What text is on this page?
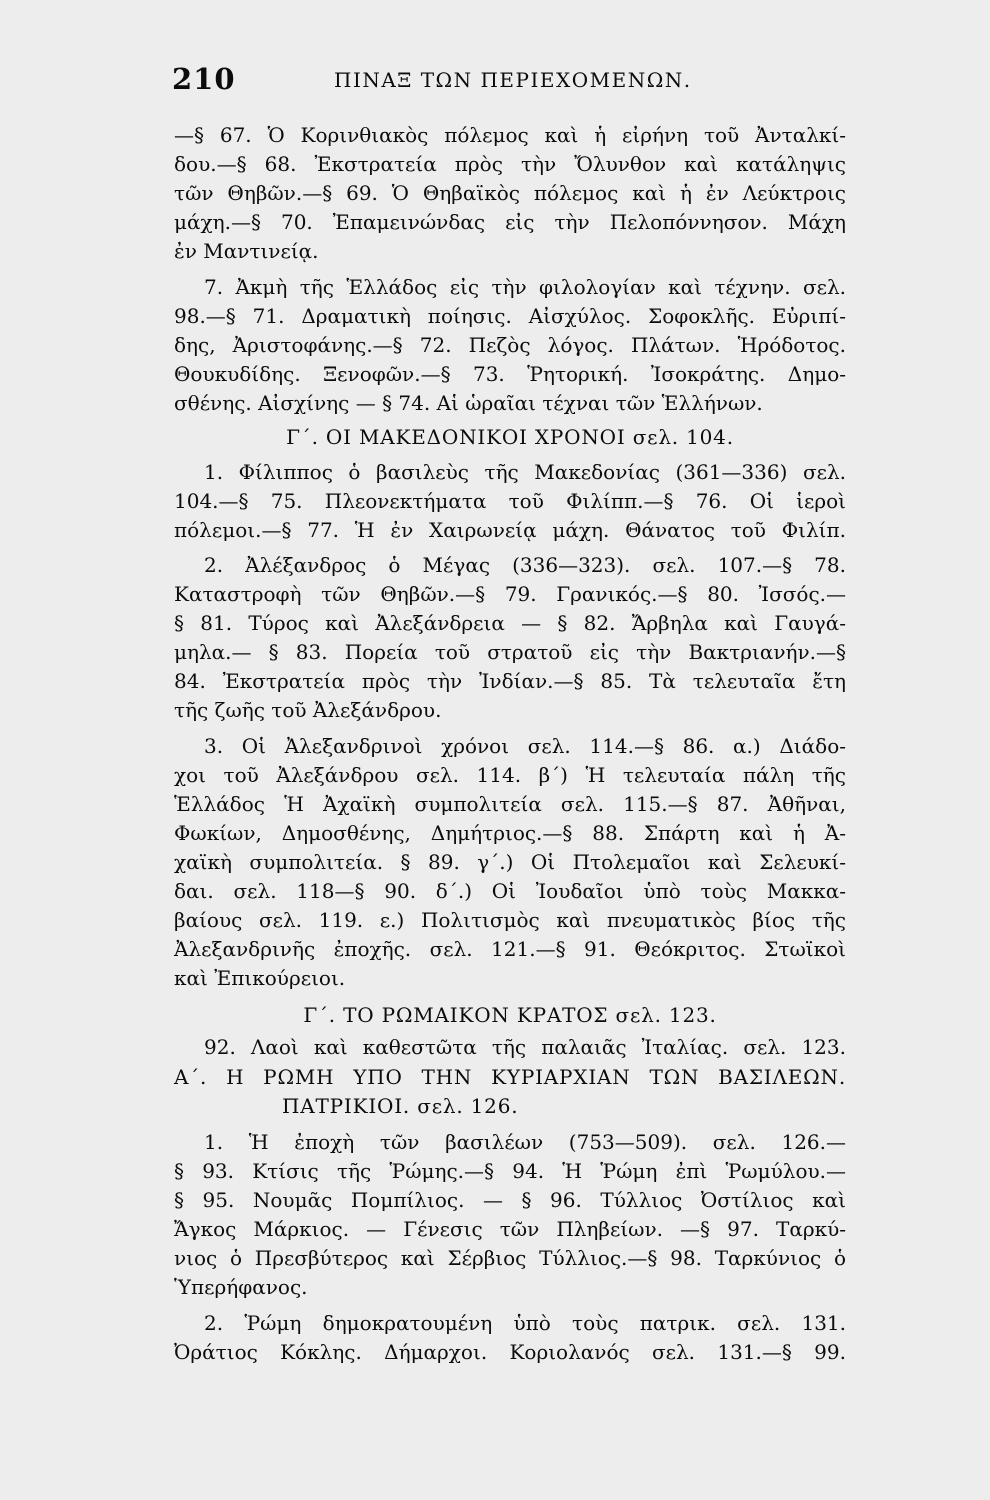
210	ΠΙΝΑΞ ΤΩΝ ΠΕΡΙΕΧΟΜΕΝΩΝ.
—§ 67. Ὁ Κορινθιακὸς πόλεμος καὶ ἡ εἰρήνη τοῦ Ἀνταλκί-
δου.—§ 68. Ἐκστρατεία πρὸς τὴν Ὄλυνθον καὶ κατάληψις
τῶν Θηβῶν.—§ 69. Ὁ Θηβαϊκὸς πόλεμος καὶ ἡ ἐν Λεύκτροις
μάχη.—§ 70. Ἐπαμεινώνδας εἰς τὴν Πελοπόννησον. Μάχη
ἐν Μαντινείᾳ.
7. Ἀκμὴ τῆς Ἑλλάδος εἰς τὴν φιλολογίαν καὶ τέχνην. σελ.
98.—§ 71. Δραματικὴ ποίησις. Αἰσχύλος. Σοφοκλῆς. Εὐριπί-
δης, Ἀριστοφάνης.—§ 72. Πεζὸς λόγος. Πλάτων. Ἡρόδοτος.
Θουκυδίδης. Ξενοφῶν.—§ 73. Ῥητορική. Ἰσοκράτης. Δημο-
σθένης. Αἰσχίνης — § 74. Αἱ ὡραῖαι τέχναι τῶν Ἑλλήνων.
Γ΄. ΟΙ ΜΑΚΕΔΟΝΙΚΟΙ ΧΡΟΝΟΙ σελ. 104.
1. Φίλιππος ὁ βασιλεὺς τῆς Μακεδονίας (361—336) σελ.
104.—§ 75. Πλεονεκτήματα τοῦ Φιλίππ.—§ 76. Οἱ ἱεροὶ
πόλεμοι.—§ 77. Ἡ ἐν Χαιρωνείᾳ μάχη. Θάνατος τοῦ Φιλίπ.
2. Ἀλέξανδρος ὁ Μέγας (336—323). σελ. 107.—§ 78.
Καταστροφὴ τῶν Θηβῶν.—§ 79. Γρανικός.—§ 80. Ἰσσός.—
§ 81. Τύρος καὶ Ἀλεξάνδρεια — § 82. Ἄρβηλα καὶ Γαυγά-
μηλα.— § 83. Πορεία τοῦ στρατοῦ εἰς τὴν Βακτριανήν.—§
84. Ἐκστρατεία πρὸς τὴν Ἰνδίαν.—§ 85. Τὰ τελευταῖα ἔτη
τῆς ζωῆς τοῦ Ἀλεξάνδρου.
3. Οἱ Ἀλεξανδρινοὶ χρόνοι σελ. 114.—§ 86. α.) Διάδο-
χοι τοῦ Ἀλεξάνδρου σελ. 114. β΄) Ἡ τελευταία πάλη τῆς
Ἑλλάδος Ἡ Ἀχαϊκὴ συμπολιτεία σελ. 115.—§ 87. Ἀθῆναι,
Φωκίων, Δημοσθένης, Δημήτριος.—§ 88. Σπάρτη καὶ ἡ Ἀ-
χαϊκὴ συμπολιτεία. § 89. γ΄.) Οἱ Πτολεμαῖοι καὶ Σελευκί-
δαι. σελ. 118—§ 90. δ΄.) Οἱ Ἰουδαῖοι ὑπὸ τοὺς Μακκα-
βαίους σελ. 119. ε.) Πολιτισμὸς καὶ πνευματικὸς βίος τῆς
Ἀλεξανδρινῆς ἐποχῆς. σελ. 121.—§ 91. Θεόκριτος. Στωϊκοὶ
καὶ Ἐπικούρειοι.
Γ΄. ΤΟ ΡΩΜΑΙΚΟΝ ΚΡΑΤΟΣ σελ. 123.
92. Λαοὶ καὶ καθεστῶτα τῆς παλαιᾶς Ἰταλίας. σελ. 123.
Α΄. Η ΡΩΜΗ ΥΠΟ ΤΗΝ ΚΥΡΙΑΡΧΙΑΝ ΤΩΝ ΒΑΣΙΛΕΩΝ.
ΠΑΤΡΙΚΙΟΙ. σελ. 126.
1. Ἡ ἐποχὴ τῶν βασιλέων (753—509). σελ. 126.—
§ 93. Κτίσις τῆς Ῥώμης.—§ 94. Ἡ Ῥώμη ἐπὶ Ῥωμύλου.—
§ 95. Νουμᾶς Πομπίλιος. — § 96. Τύλλιος Ὀστίλιος καὶ
Ἄγκος Μάρκιος. — Γένεσις τῶν Πληβείων. —§ 97. Ταρκύ-
νιος ὁ Πρεσβύτερος καὶ Σέρβιος Τύλλιος.—§ 98. Ταρκύνιος ὁ
Ὑπερήφανος.
2. Ῥώμη δημοκρατουμένη ὑπὸ τοὺς πατρικ. σελ. 131.
Ὀράτιος Κόκλης. Δήμαρχοι. Κοριολανός σελ. 131.—§ 99.
